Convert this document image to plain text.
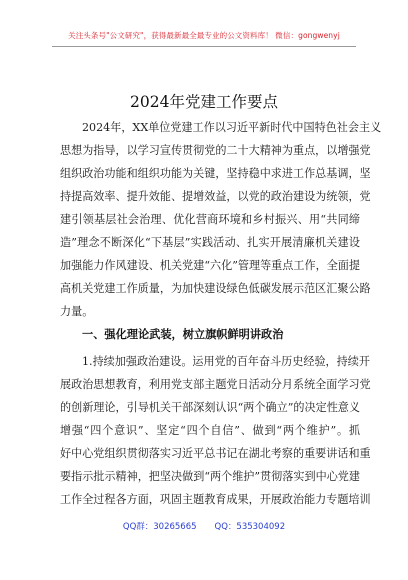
关注头条号"公文研究"，获得最新最全最专业的公文资料库！ 微信：gongwenyj
2024年党建工作要点
2024年，XX单位党建工作以习近平新时代中国特色社会主义
思想为指导，以学习宣传贯彻党的二十大精神为重点，以增强党
组织政治功能和组织功能为关键，坚持稳中求进工作总基调，坚
持提高效率、提升效能、提增效益，以党的政治建设为统领，党
建引领基层社会治理、优化营商环境和乡村振兴、用“共同缔
造”理念不断深化“下基层”实践活动、扎实开展清廉机关建设
加强能力作风建设、机关党建“六化”管理等重点工作，全面提
高机关党建工作质量，为加快建设绿色低碳发展示范区汇聚公路
力量。
一、强化理论武装，树立旗帜鲜明讲政治
1.持续加强政治建设。运用党的百年奋斗历史经验，持续开
展政治思想教育，利用党支部主题党日活动分月系统全面学习党
的创新理论，引导机关干部深刻认识“两个确立”的决定性意义
增强“四个意识”、坚定“四个自信”、做到“两个维护”。抓
好中心党组织贯彻落实习近平总书记在湖北考察的重要讲话和重
要指示批示精神，把坚决做到“两个维护”贯彻落实到中心党建
工作全过程各方面，巩固主题教育成果，开展政治能力专题培训
QQ群：30265665 QQ：535304092
